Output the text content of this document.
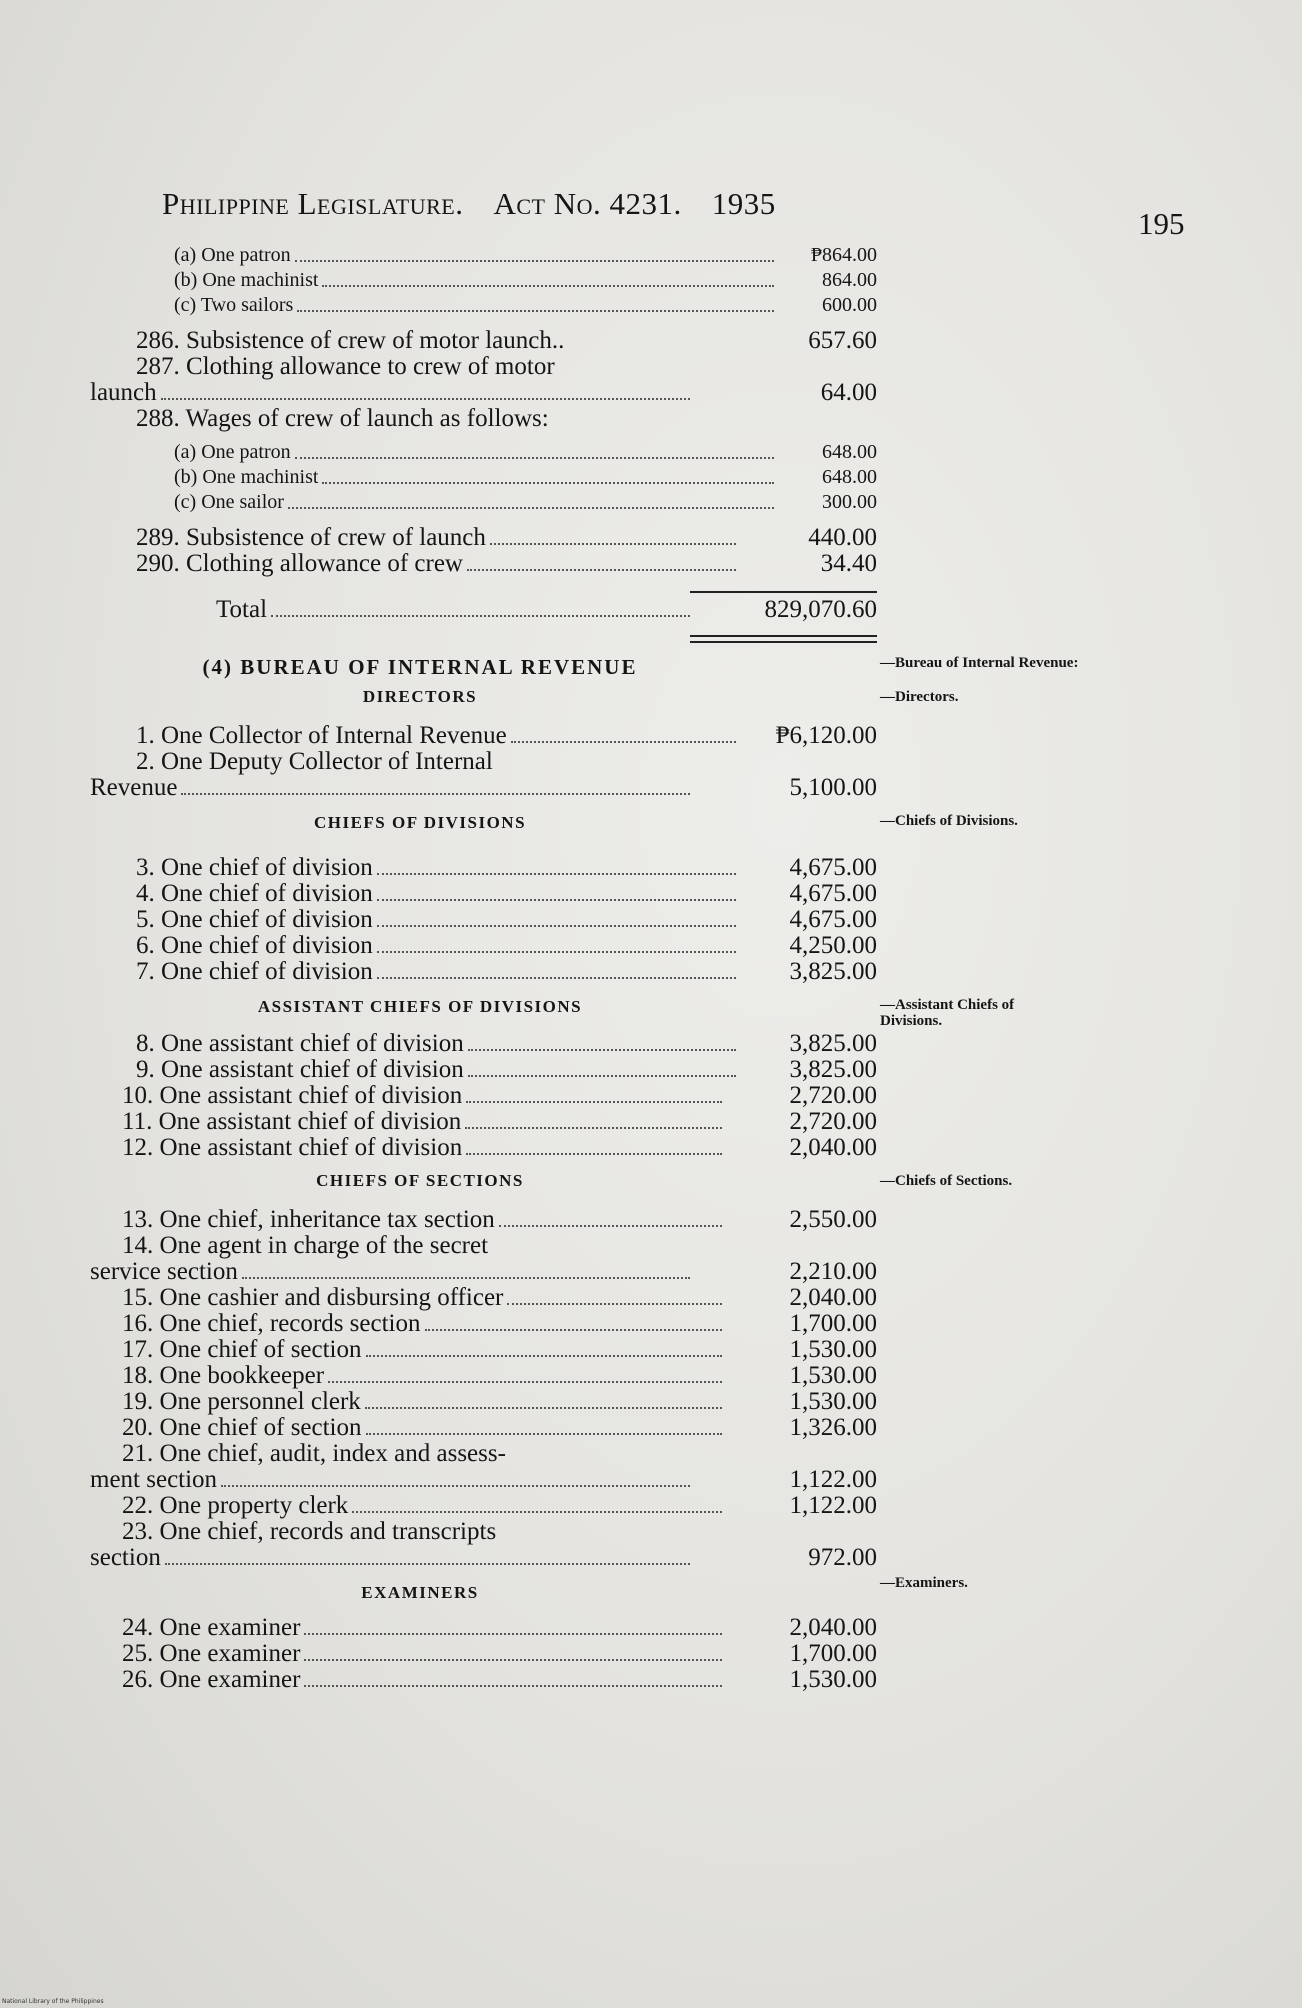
Philippine Legislature. Act No. 4231. 1935
195
(a) One patron	₱864.00
(b) One machinist	864.00
(c) Two sailors	600.00
286. Subsistence of crew of motor launch..	657.60
287. Clothing allowance to crew of motor
launch	64.00
288. Wages of crew of launch as follows:
(a) One patron	648.00
(b) One machinist	648.00
(c) One sailor	300.00
289. Subsistence of crew of launch	440.00
290. Clothing allowance of crew	34.40
Total	829,070.60
(4) BUREAU OF INTERNAL REVENUE	—Bureau of Internal Revenue:
DIRECTORS	—Directors.
1. One Collector of Internal Revenue	₱6,120.00
2. One Deputy Collector of Internal
Revenue	5,100.00
CHIEFS OF DIVISIONS	—Chiefs of Divisions.
3. One chief of division	4,675.00
4. One chief of division	4,675.00
5. One chief of division	4,675.00
6. One chief of division	4,250.00
7. One chief of division	3,825.00
ASSISTANT CHIEFS OF DIVISIONS	—Assistant Chiefs of Divisions.
8. One assistant chief of division	3,825.00
9. One assistant chief of division	3,825.00
10. One assistant chief of division	2,720.00
11. One assistant chief of division	2,720.00
12. One assistant chief of division	2,040.00
CHIEFS OF SECTIONS	—Chiefs of Sections.
13. One chief, inheritance tax section	2,550.00
14. One agent in charge of the secret
service section	2,210.00
15. One cashier and disbursing officer	2,040.00
16. One chief, records section	1,700.00
17. One chief of section	1,530.00
18. One bookkeeper	1,530.00
19. One personnel clerk	1,530.00
20. One chief of section	1,326.00
21. One chief, audit, index and assess-
ment section	1,122.00
22. One property clerk	1,122.00
23. One chief, records and transcripts
section	972.00
EXAMINERS	—Examiners.
24. One examiner	2,040.00
25. One examiner	1,700.00
26. One examiner	1,530.00
National Library of the Philippines
